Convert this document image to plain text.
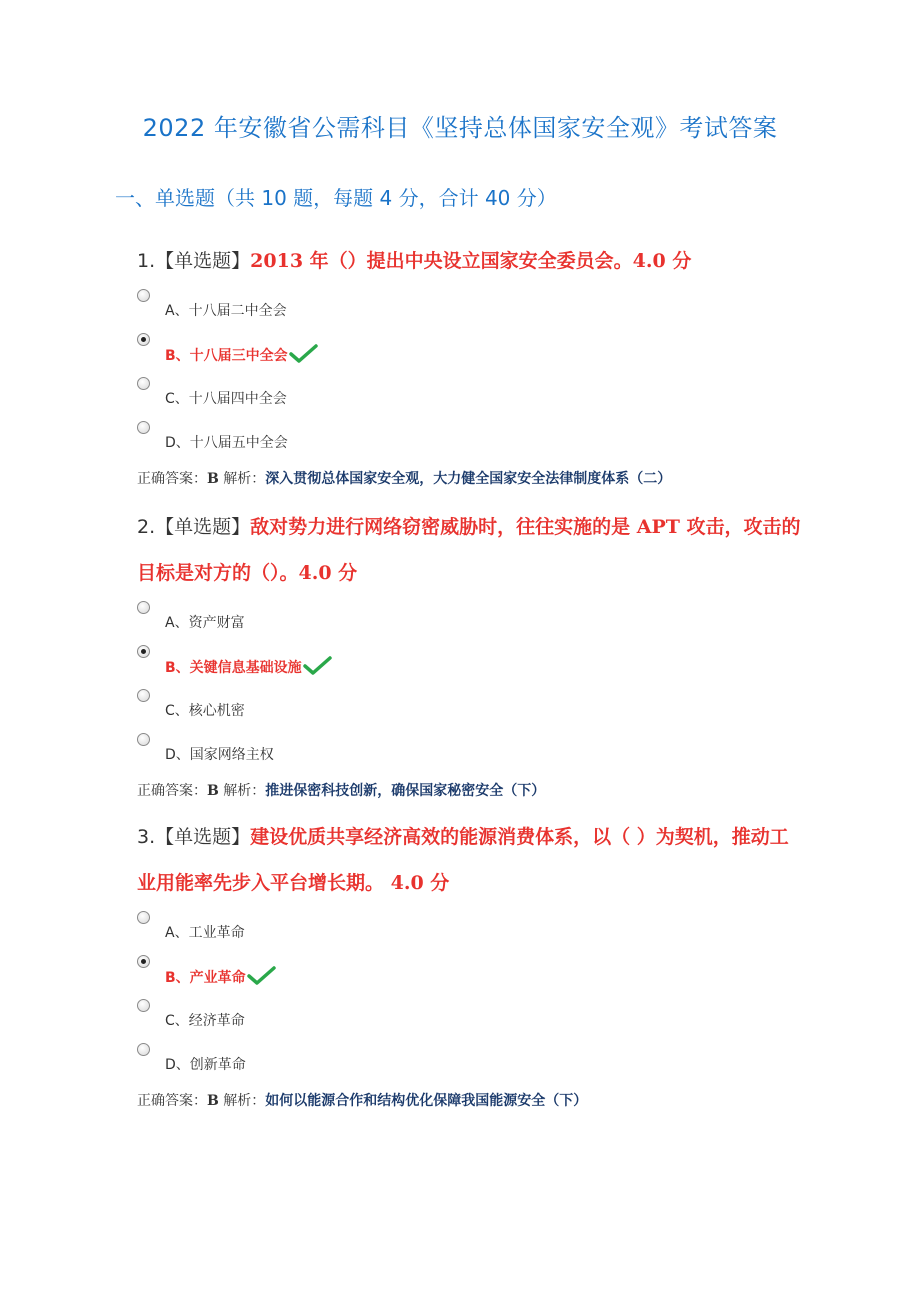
2022 年安徽省公需科目《坚持总体国家安全观》考试答案
一、单选题（共 10 题，每题 4 分，合计 40 分）
1.【单选题】2013 年（）提出中央设立国家安全委员会。4.0 分
A、十八届二中全会
B、十八届三中全会
C、十八届四中全会
D、十八届五中全会
正确答案：B 解析：深入贯彻总体国家安全观，大力健全国家安全法律制度体系（二）
2.【单选题】敌对势力进行网络窃密威胁时，往往实施的是 APT 攻击，攻击的目标是对方的（）。4.0 分
A、资产财富
B、关键信息基础设施
C、核心机密
D、国家网络主权
正确答案：B 解析：推进保密科技创新，确保国家秘密安全（下）
3.【单选题】建设优质共享经济高效的能源消费体系，以（ ）为契机，推动工业用能率先步入平台增长期。 4.0 分
A、工业革命
B、产业革命
C、经济革命
D、创新革命
正确答案：B 解析：如何以能源合作和结构优化保障我国能源安全（下）
